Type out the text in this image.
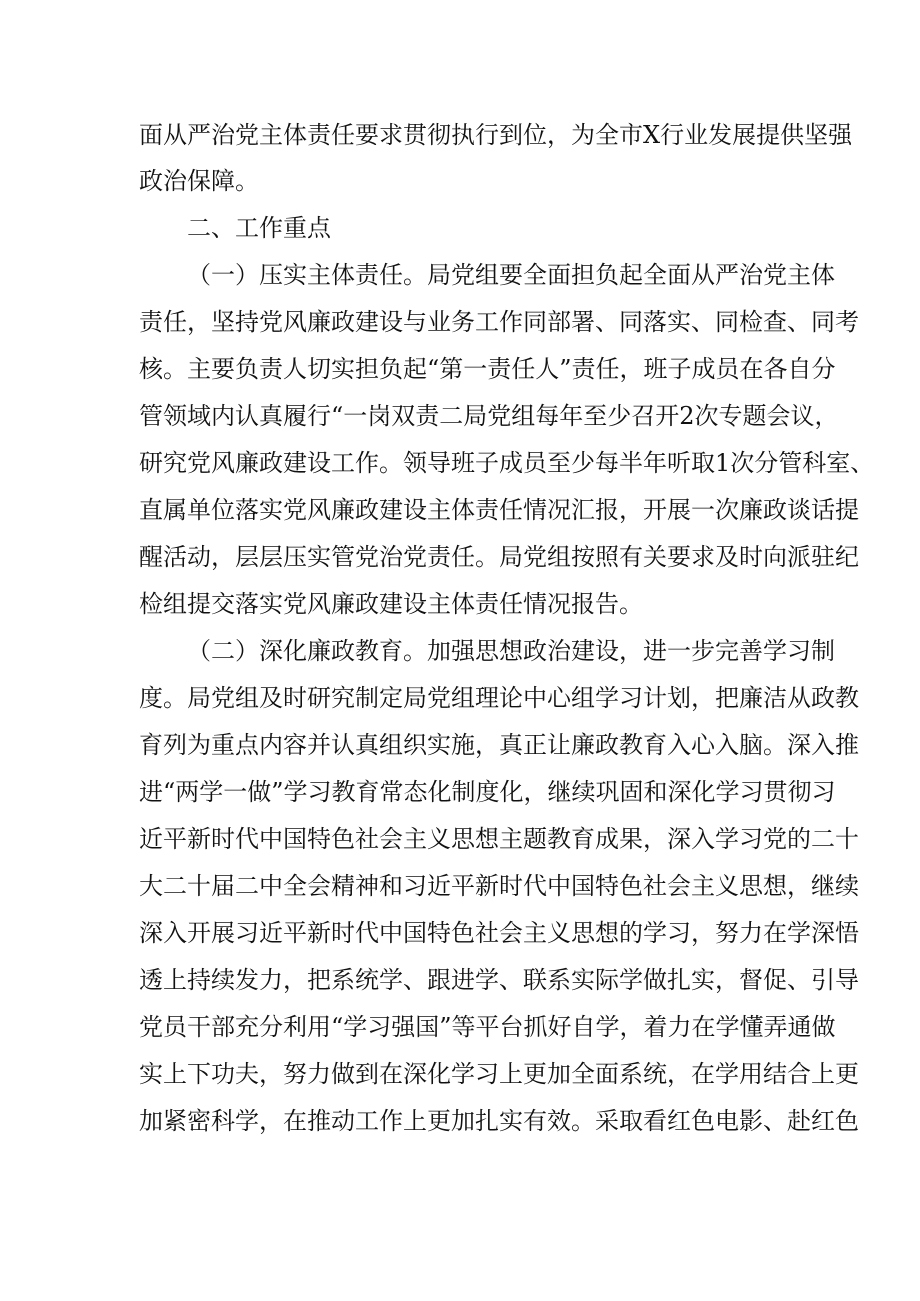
面从严治党主体责任要求贯彻执行到位，为全市X行业发展提供坚强
政治保障。
二、工作重点
（一）压实主体责任。局党组要全面担负起全面从严治党主体
责任，坚持党风廉政建设与业务工作同部署、同落实、同检查、同考
核。主要负责人切实担负起“第一责任人”责任，班子成员在各自分
管领域内认真履行“一岗双责二局党组每年至少召开2次专题会议，
研究党风廉政建设工作。领导班子成员至少每半年听取1次分管科室、
直属单位落实党风廉政建设主体责任情况汇报，开展一次廉政谈话提
醒活动，层层压实管党治党责任。局党组按照有关要求及时向派驻纪
检组提交落实党风廉政建设主体责任情况报告。
（二）深化廉政教育。加强思想政治建设，进一步完善学习制
度。局党组及时研究制定局党组理论中心组学习计划，把廉洁从政教
育列为重点内容并认真组织实施，真正让廉政教育入心入脑。深入推
进“两学一做”学习教育常态化制度化，继续巩固和深化学习贯彻习
近平新时代中国特色社会主义思想主题教育成果，深入学习党的二十
大二十届二中全会精神和习近平新时代中国特色社会主义思想，继续
深入开展习近平新时代中国特色社会主义思想的学习，努力在学深悟
透上持续发力，把系统学、跟进学、联系实际学做扎实，督促、引导
党员干部充分利用“学习强国”等平台抓好自学，着力在学懂弄通做
实上下功夫，努力做到在深化学习上更加全面系统，在学用结合上更
加紧密科学，在推动工作上更加扎实有效。采取看红色电影、赴红色
